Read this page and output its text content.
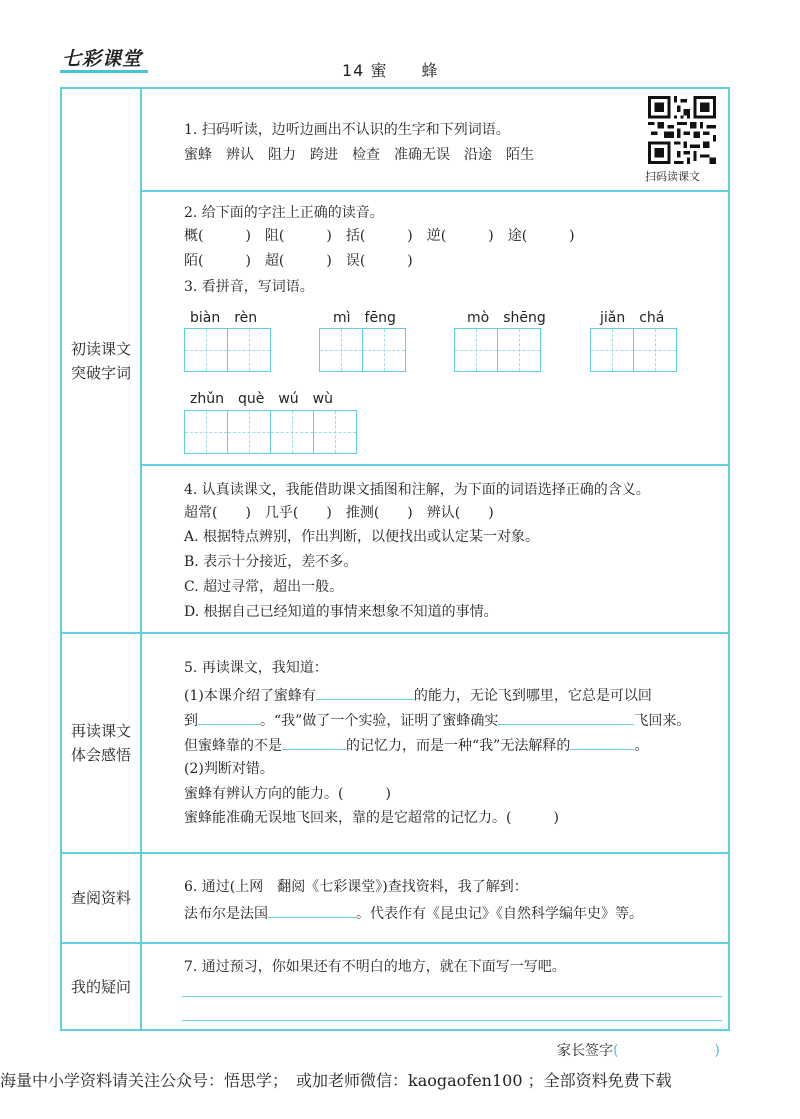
七彩课堂
14 蜜　　蜂
初读课文
突破字词
再读课文
体会感悟
查阅资料
我的疑问
1. 扫码听读，边听边画出不认识的生字和下列词语。
蜜蜂　辨认　阻力　跨进　检查　准确无误　沿途　陌生
扫码读课文
2. 给下面的字注上正确的读音。
概(　　　)　阻(　　　)　括(　　　)　逆(　　　)　途(　　　)
陌(　　　)　超(　　　)　误(　　　)
3. 看拼音，写词语。
biàn　rèn	mì　fēng	mò　shēng	jiǎn　chá
zhǔn　què　wú　wù
4. 认真读课文，我能借助课文插图和注解，为下面的词语选择正确的含义。
超常(　　)　几乎(　　)　推测(　　)　辨认(　　)
A. 根据特点辨别，作出判断，以便找出或认定某一对象。
B. 表示十分接近，差不多。
C. 超过寻常，超出一般。
D. 根据自己已经知道的事情来想象不知道的事情。
5. 再读课文，我知道：
(1)本课介绍了蜜蜂有	的能力，无论飞到哪里，它总是可以回
到	。“我”做了一个实验，证明了蜜蜂确实	飞回来。
但蜜蜂靠的不是	的记忆力，而是一种“我”无法解释的	。
(2)判断对错。
蜜蜂有辨认方向的能力。(　　　)
蜜蜂能准确无误地飞回来，靠的是它超常的记忆力。(　　　)
6. 通过(上网　翻阅《七彩课堂》)查找资料，我了解到：
法布尔是法国	。代表作有《昆虫记》《自然科学编年史》等。
7. 通过预习，你如果还有不明白的地方，就在下面写一写吧。
家长签字(	)
海量中小学资料请关注公众号：悟思学；　或加老师微信：kaogaofen100 ；全部资料免费下载
